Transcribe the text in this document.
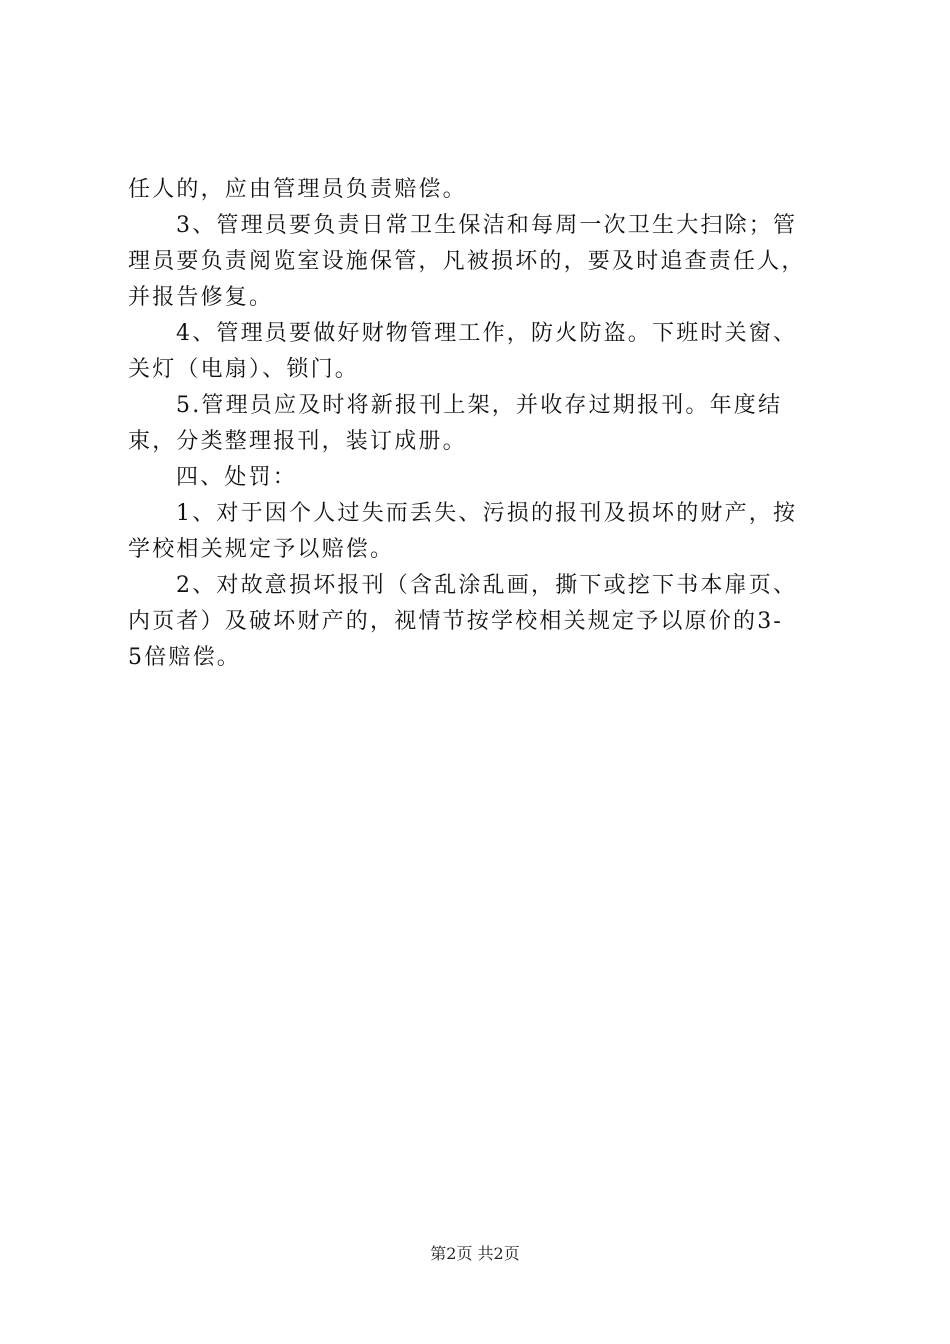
任人的，应由管理员负责赔偿。
3、管理员要负责日常卫生保洁和每周一次卫生大扫除；管
理员要负责阅览室设施保管，凡被损坏的，要及时追查责任人，
并报告修复。
4、管理员要做好财物管理工作，防火防盗。下班时关窗、
关灯（电扇）、锁门。
5.管理员应及时将新报刊上架，并收存过期报刊。年度结
束，分类整理报刊，装订成册。
四、处罚：
1、对于因个人过失而丢失、污损的报刊及损坏的财产，按
学校相关规定予以赔偿。
2、对故意损坏报刊（含乱涂乱画，撕下或挖下书本扉页、
内页者）及破坏财产的，视情节按学校相关规定予以原价的3-
5倍赔偿。
第2页 共2页
